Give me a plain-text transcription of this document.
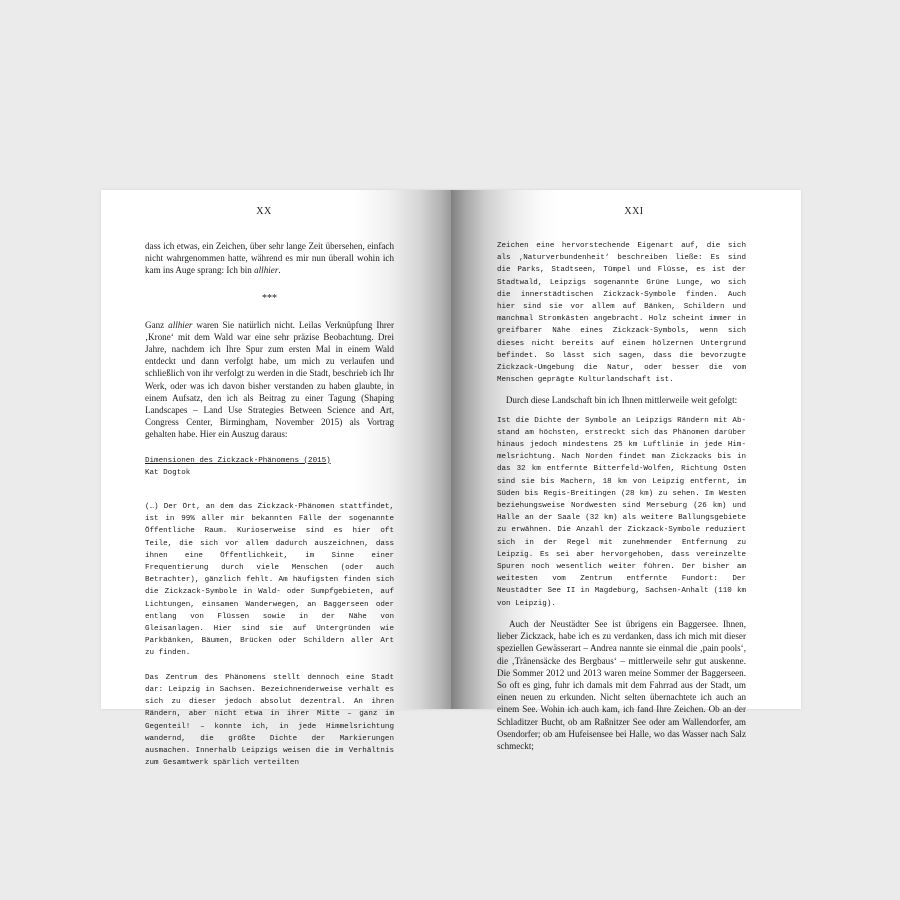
XX

dass ich etwas, ein Zeichen, über sehr lange Zeit übersehen, einfach nicht wahrgenommen hatte, während es mir nun überall wohin ich kam ins Auge sprang: Ich bin allhier.

***

Ganz allhier waren Sie natürlich nicht. Leilas Verknüpfung Ihrer ‚Krone‘ mit dem Wald war eine sehr präzise Beobachtung. Drei Jahre, nachdem ich Ihre Spur zum ersten Mal in einem Wald entdeckt und dann verfolgt habe, um mich zu verlaufen und schließlich von ihr verfolgt zu werden in die Stadt, beschrieb ich Ihr Werk, oder was ich davon bisher verstanden zu haben glaubte, in einem Aufsatz, den ich als Beitrag zu einer Tagung (Shaping Landscapes – Land Use Strategies Between Science and Art, Congress Center, Birmingham, November 2015) als Vortrag gehalten habe. Hier ein Auszug daraus:

Dimensionen des Zickzack-Phänomens (2015)

Kat Dogtok

(…) Der Ort, an dem das Zickzack-Phänomen stattfindet, ist in 99% aller mir bekannten Fälle der sogenannte Öffentliche Raum. Kurioserweise sind es hier oft Teile, die sich vor allem dadurch auszeichnen, dass ihnen eine Öffentlichkeit, im Sinne einer Frequentierung durch viele Menschen (oder auch Betrachter), gänzlich fehlt. Am häufigsten finden sich die Zickzack-Symbole in Wald- oder Sumpfgebieten, auf Lichtungen, einsamen Wanderwegen, an Baggerseen oder entlang von Flüssen sowie in der Nähe von Gleisanlagen. Hier sind sie auf Untergründen wie Parkbänken, Bäumen, Brücken oder Schildern aller Art zu finden.

Das Zentrum des Phänomens stellt dennoch eine Stadt dar: Leipzig in Sachsen. Bezeichnenderweise verhält es sich zu dieser jedoch absolut dezentral. An ihren Rändern, aber nicht etwa in ihrer Mitte – ganz im Gegenteil! – konnte ich, in jede Himmelsrichtung wandernd, die größte Dichte der Markierungen ausmachen. Innerhalb Leipzigs weisen die im Verhältnis zum Gesamtwerk spärlich verteilten

XXI

Zeichen eine hervorstechende Eigenart auf, die sich als ‚Naturverbundenheit‘ beschreiben ließe: Es sind die Parks, Stadtseen, Tümpel und Flüsse, es ist der Stadtwald, Leipzigs sogenannte Grüne Lunge, wo sich die innerstädtischen Zickzack-Symbole finden. Auch hier sind sie vor allem auf Bänken, Schildern und manchmal Stromkästen angebracht. Holz scheint immer in greifbarer Nähe eines Zickzack-Symbols, wenn sich dieses nicht bereits auf einem hölzernen Untergrund befindet. So lässt sich sagen, dass die bevorzugte Zickzack-Umgebung die Natur, oder besser die vom Menschen geprägte Kulturlandschaft ist.

Durch diese Landschaft bin ich Ihnen mittlerweile weit gefolgt:

Ist die Dichte der Symbole an Leipzigs Rändern mit Abstand am höchsten, erstreckt sich das Phänomen darüber hinaus jedoch mindestens 25 km Luftlinie in jede Himmelsrichtung. Nach Norden findet man Zickzacks bis in das 32 km entfernte Bitterfeld-Wolfen, Richtung Osten sind sie bis Machern, 18 km von Leipzig entfernt, im Süden bis Regis-Breitingen (28 km) zu sehen. Im Westen beziehungsweise Nordwesten sind Merseburg (26 km) und Halle an der Saale (32 km) als weitere Ballungsgebiete zu erwähnen. Die Anzahl der Zickzack-Symbole reduziert sich in der Regel mit zunehmender Entfernung zu Leipzig. Es sei aber hervorgehoben, dass vereinzelte Spuren noch wesentlich weiter führen. Der bisher am weitesten vom Zentrum entfernte Fundort: Der Neustädter See II in Magdeburg, Sachsen-Anhalt (110 km von Leipzig).

Auch der Neustädter See ist übrigens ein Baggersee. Ihnen, lieber Zickzack, habe ich es zu verdanken, dass ich mich mit dieser speziellen Gewässerart – Andrea nannte sie einmal die ‚pain pools‘, die ‚Tränensäcke des Bergbaus‘ – mittlerweile sehr gut auskenne. Die Sommer 2012 und 2013 waren meine Sommer der Baggerseen. So oft es ging, fuhr ich damals mit dem Fahrrad aus der Stadt, um einen neuen zu erkunden. Nicht selten übernachtete ich auch an einem See. Wohin ich auch kam, ich fand Ihre Zeichen. Ob an der Schladitzer Bucht, ob am Raßnitzer See oder am Wallendorfer, am Osendorfer; ob am Hufeisensee bei Halle, wo das Wasser nach Salz schmeckt;
